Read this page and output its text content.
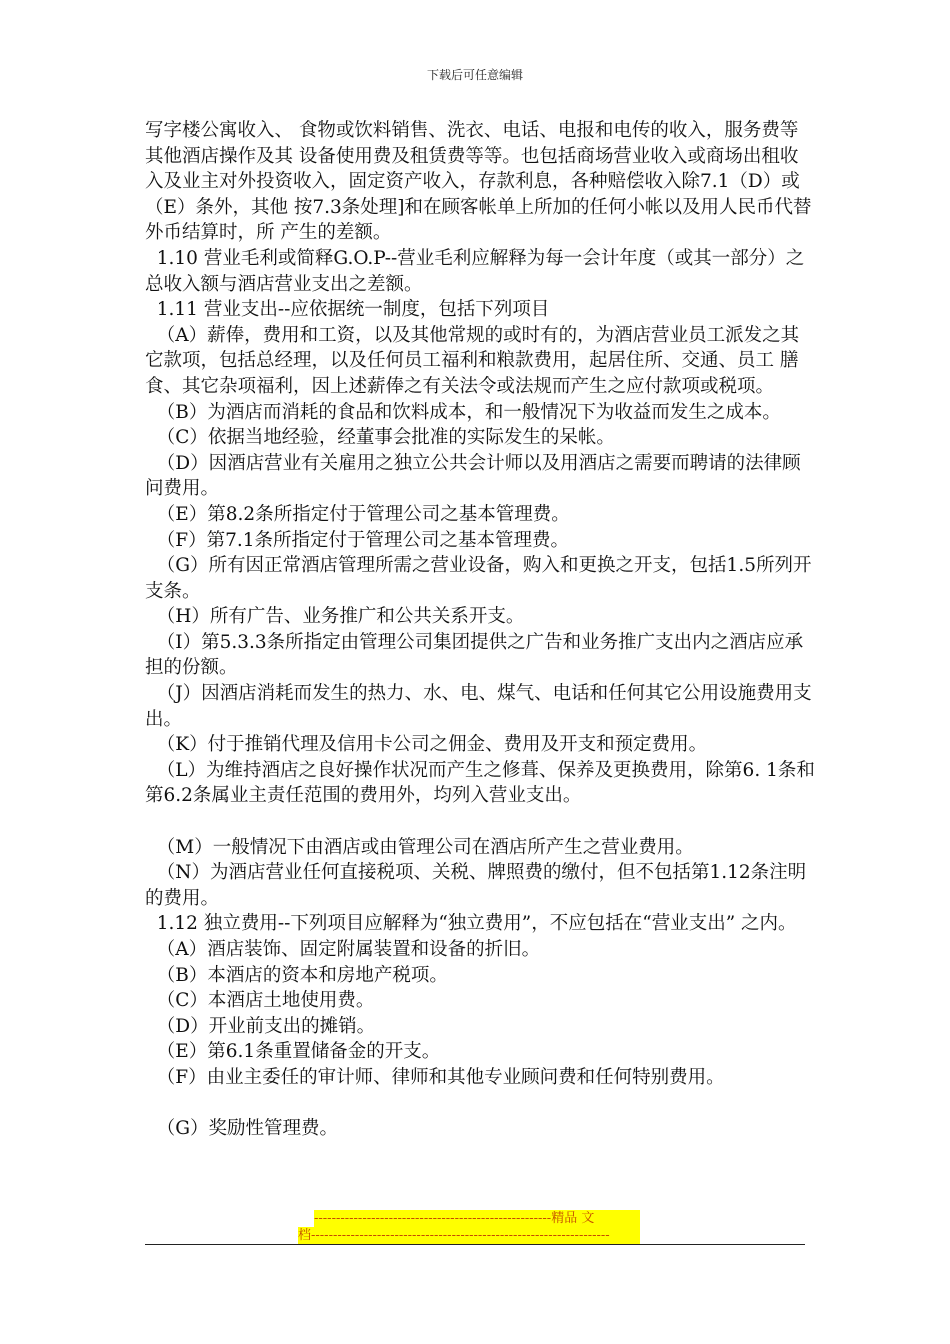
下载后可任意编辑

写字楼公寓收入、 食物或饮料销售、洗衣、电话、电报和电传的收入，服务费等其他酒店操作及其 设备使用费及租赁费等等。也包括商场营业收入或商场出租收入及业主对外投资收入，固定资产收入，存款利息，各种赔偿收入除7.1（D）或（E）条外，其他 按7.3条处理]和在顾客帐单上所加的任何小帐以及用人民币代替外币结算时，所 产生的差额。

1.10 营业毛利或简释G.O.P--营业毛利应解释为每一会计年度（或其一部分）之总收入额与酒店营业支出之差额。

1.11 营业支出--应依据统一制度，包括下列项目

（A）薪俸，费用和工资，以及其他常规的或时有的，为酒店营业员工派发之其它款项，包括总经理，以及任何员工福利和粮款费用，起居住所、交通、员工 膳食、其它杂项福利，因上述薪俸之有关法令或法规而产生之应付款项或税项。

（B）为酒店而消耗的食品和饮料成本，和一般情况下为收益而发生之成本。

（C）依据当地经验，经董事会批准的实际发生的呆帐。

（D）因酒店营业有关雇用之独立公共会计师以及用酒店之需要而聘请的法律顾问费用。

（E）第8.2条所指定付于管理公司之基本管理费。

（F）第7.1条所指定付于管理公司之基本管理费。

（G）所有因正常酒店管理所需之营业设备，购入和更换之开支，包括1.5所列开支条。

（H）所有广告、业务推广和公共关系开支。

（I）第5.3.3条所指定由管理公司集团提供之广告和业务推广支出内之酒店应承担的份额。

（J）因酒店消耗而发生的热力、水、电、煤气、电话和任何其它公用设施费用支出。

（K）付于推销代理及信用卡公司之佣金、费用及开支和预定费用。

（L）为维持酒店之良好操作状况而产生之修葺、保养及更换费用，除第6. 1条和第6.2条属业主责任范围的费用外，均列入营业支出。

（M）一般情况下由酒店或由管理公司在酒店所产生之营业费用。

（N）为酒店营业任何直接税项、关税、牌照费的缴付，但不包括第1.12条注明的费用。

1.12 独立费用--下列项目应解释为“独立费用”，不应包括在“营业支出” 之内。

（A）酒店装饰、固定附属装置和设备的折旧。

（B）本酒店的资本和房地产税项。

（C）本酒店土地使用费。

（D）开业前支出的摊销。

（E）第6.1条重置储备金的开支。

（F）由业主委任的审计师、律师和其他专业顾问费和任何特别费用。

（G）奖励性管理费。

------------------------------------------------------精品 文
档--------------------------------------------------------------------
